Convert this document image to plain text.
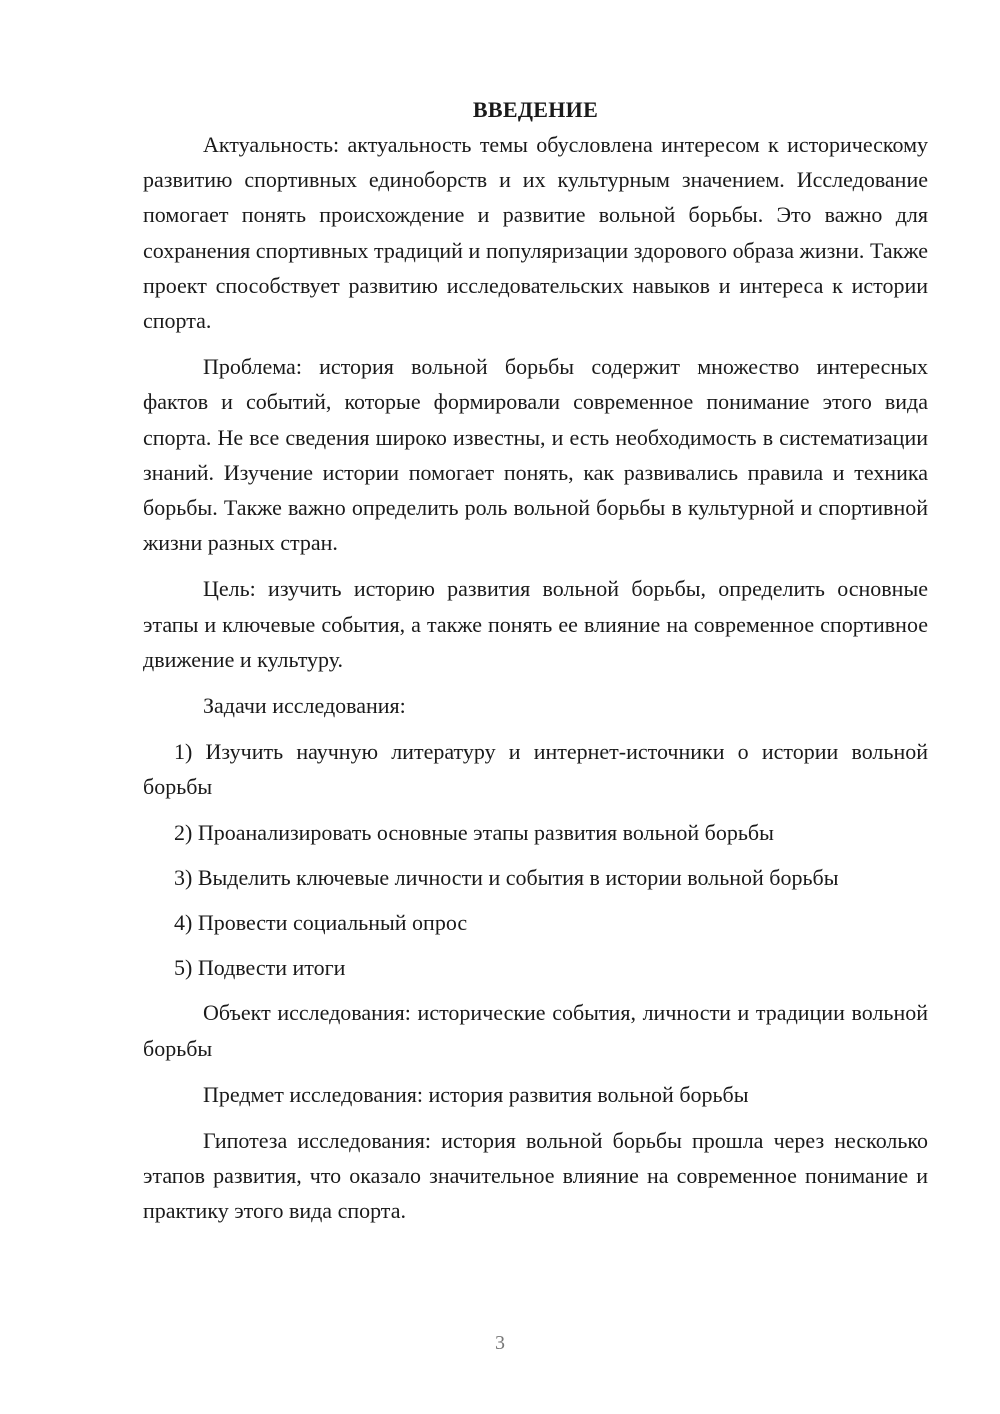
ВВЕДЕНИЕ

Актуальность: актуальность темы обусловлена интересом к историческому развитию спортивных единоборств и их культурным значением. Исследование помогает понять происхождение и развитие вольной борьбы. Это важно для сохранения спортивных традиций и популяризации здорового образа жизни. Также проект способствует развитию исследовательских навыков и интереса к истории спорта.

Проблема: история вольной борьбы содержит множество интересных фактов и событий, которые формировали современное понимание этого вида спорта. Не все сведения широко известны, и есть необходимость в систематизации знаний. Изучение истории помогает понять, как развивались правила и техника борьбы. Также важно определить роль вольной борьбы в культурной и спортивной жизни разных стран.

Цель: изучить историю развития вольной борьбы, определить основные этапы и ключевые события, а также понять ее влияние на современное спортивное движение и культуру.

Задачи исследования:

1) Изучить научную литературу и интернет-источники о истории вольной борьбы

2) Проанализировать основные этапы развития вольной борьбы

3) Выделить ключевые личности и события в истории вольной борьбы

4) Провести социальный опрос

5) Подвести итоги

Объект исследования: исторические события, личности и традиции вольной борьбы

Предмет исследования: история развития вольной борьбы

Гипотеза исследования: история вольной борьбы прошла через несколько этапов развития, что оказало значительное влияние на современное понимание и практику этого вида спорта.

3
